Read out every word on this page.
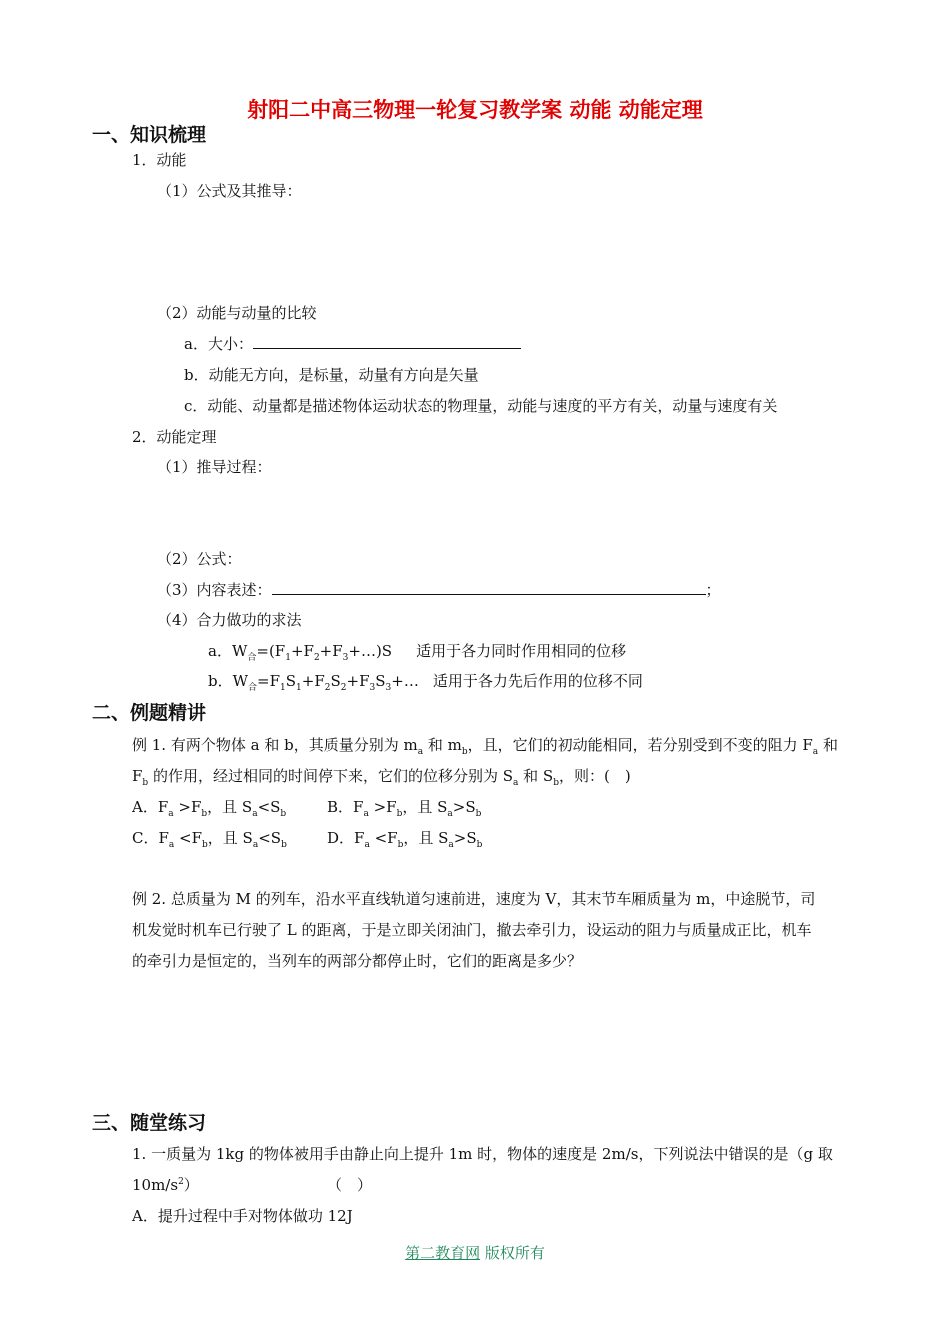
射阳二中高三物理一轮复习教学案 动能 动能定理
一、知识梳理
1．动能
（1）公式及其推导：
（2）动能与动量的比较
a．大小：
b．动能无方向，是标量，动量有方向是矢量
c．动能、动量都是描述物体运动状态的物理量，动能与速度的平方有关，动量与速度有关
2．动能定理
（1）推导过程：
（2）公式：
（3）内容表述：	；
（4）合力做功的求法
a．$W_合=(F_1+F_2+F_3+\dots)S$ 适用于各力同时作用相同的位移
b．$W_合=F_1S_1+F_2S_2+F_3S_3+\dots$ 适用于各力先后作用的位移不同
二、例题精讲
例 1. 有两个物体 a 和 b，其质量分别为 $m_a$ 和 $m_b$，且，它们的初动能相同，若分别受到不变的阻力 $F_a$ 和
$F_b$ 的作用，经过相同的时间停下来，它们的位移分别为 $S_a$ 和 $S_b$，则：(　)
A．$F_a >F_b$，且 $S_a<S_b$	B．$F_a >F_b$，且 $S_a>S_b$
C．$F_a <F_b$，且 $S_a<S_b$	D．$F_a <F_b$，且 $S_a>S_b$
例 2. 总质量为 M 的列车，沿水平直线轨道匀速前进，速度为 V，其末节车厢质量为 m，中途脱节，司
机发觉时机车已行驶了 L 的距离，于是立即关闭油门，撤去牵引力，设运动的阻力与质量成正比，机车
的牵引力是恒定的，当列车的两部分都停止时，它们的距离是多少？
三、随堂练习
1. 一质量为 1kg 的物体被用手由静止向上提升 1m 时，物体的速度是 2m/s，下列说法中错误的是（g 取
$10m/s^2$）	（　）
A．提升过程中手对物体做功 12J
第二教育网 版权所有
